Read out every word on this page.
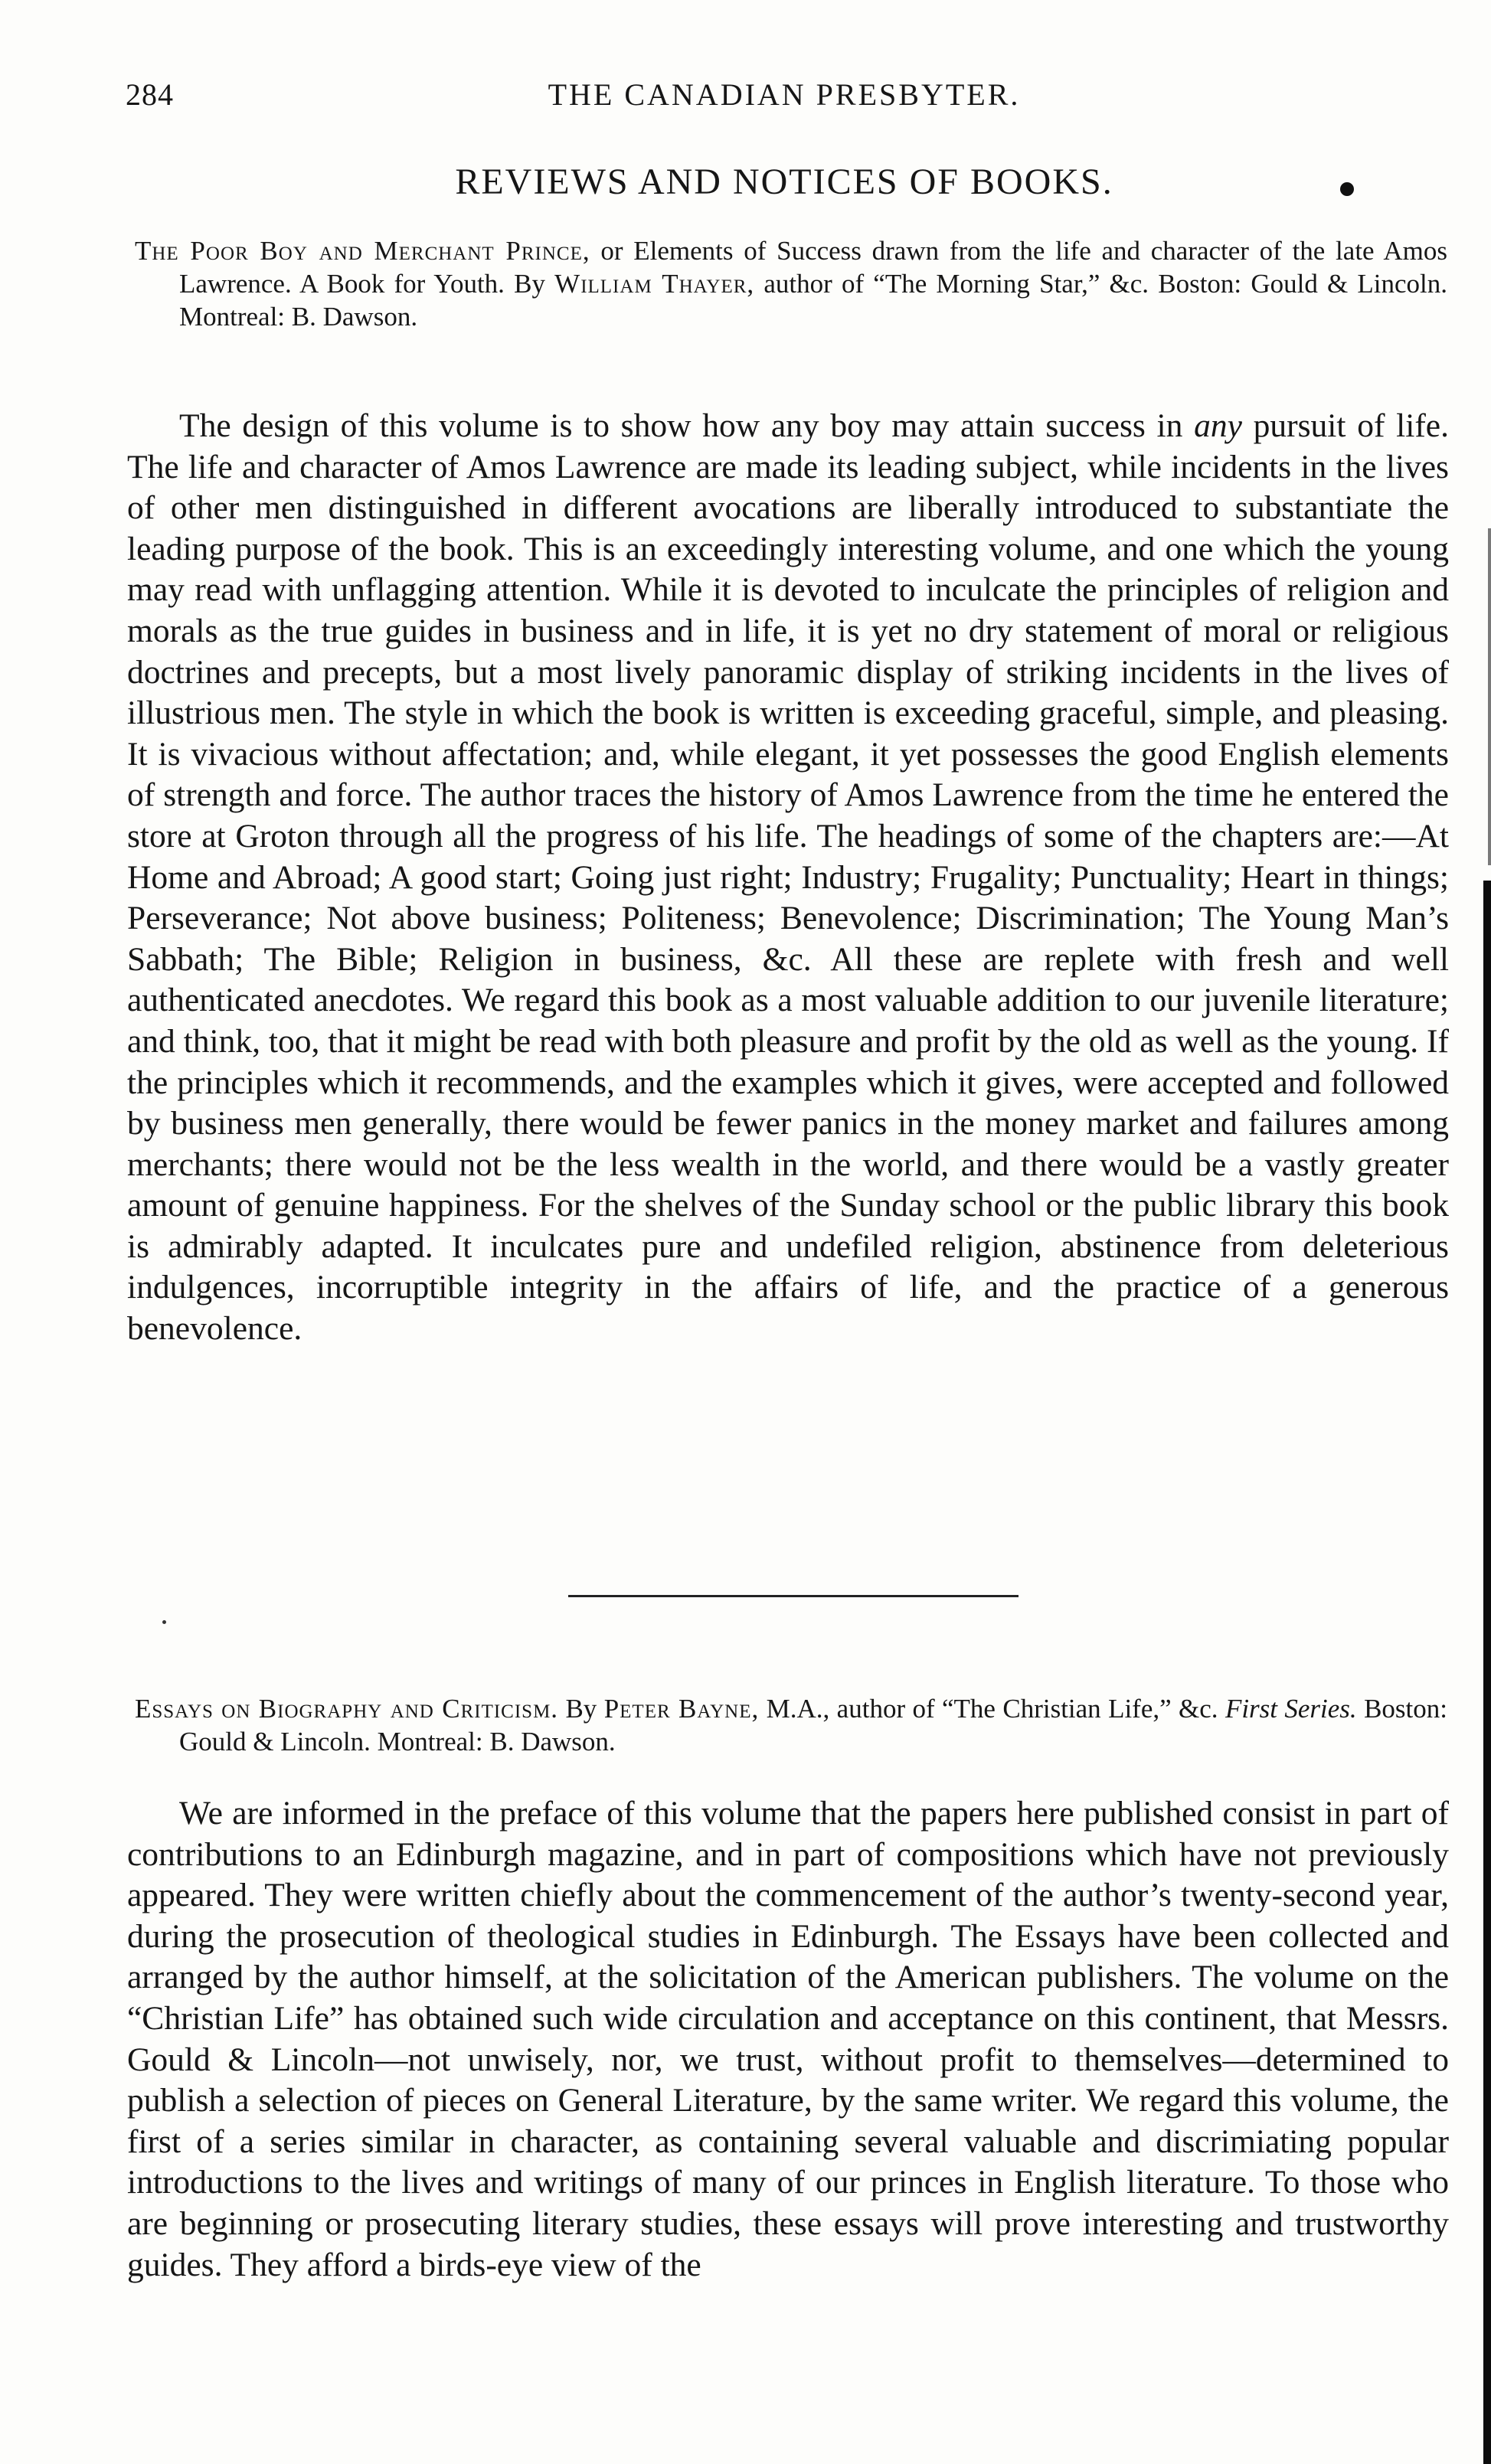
284	THE CANADIAN PRESBYTER.
REVIEWS AND NOTICES OF BOOKS.
The Poor Boy and Merchant Prince, or Elements of Success drawn from the life and character of the late Amos Lawrence. A Book for Youth. By William Thayer, author of “The Morning Star,” &c. Boston: Gould & Lincoln. Montreal: B. Dawson.

The design of this volume is to show how any boy may attain success in any pursuit of life. The life and character of Amos Lawrence are made its leading subject, while incidents in the lives of other men distinguished in different avocations are liberally introduced to substantiate the leading purpose of the book. This is an exceedingly interesting volume, and one which the young may read with unflagging attention. While it is devoted to inculcate the principles of religion and morals as the true guides in business and in life, it is yet no dry statement of moral or religious doctrines and precepts, but a most lively panoramic display of striking incidents in the lives of illustrious men. The style in which the book is written is exceeding graceful, simple, and pleasing. It is vivacious without affectation; and, while elegant, it yet possesses the good English elements of strength and force. The author traces the history of Amos Lawrence from the time he entered the store at Groton through all the progress of his life. The headings of some of the chapters are:—At Home and Abroad; A good start; Going just right; Industry; Frugality; Punctuality; Heart in things; Perseverance; Not above business; Politeness; Benevolence; Discrimination; The Young Man’s Sabbath; The Bible; Religion in business, &c. All these are replete with fresh and well authenticated anecdotes. We regard this book as a most valuable addition to our juvenile literature; and think, too, that it might be read with both pleasure and profit by the old as well as the young. If the principles which it recommends, and the examples which it gives, were accepted and followed by business men generally, there would be fewer panics in the money market and failures among merchants; there would not be the less wealth in the world, and there would be a vastly greater amount of genuine happiness. For the shelves of the Sunday school or the public library this book is admirably adapted. It inculcates pure and undefiled religion, abstinence from deleterious indulgences, incorruptible integrity in the affairs of life, and the practice of a generous benevolence.

Essays on Biography and Criticism. By Peter Bayne, M.A., author of “The Christian Life,” &c. First Series. Boston: Gould & Lincoln. Montreal: B. Dawson.

We are informed in the preface of this volume that the papers here published consist in part of contributions to an Edinburgh magazine, and in part of compositions which have not previously appeared. They were written chiefly about the commencement of the author’s twenty-second year, during the prosecution of theological studies in Edinburgh. The Essays have been collected and arranged by the author himself, at the solicitation of the American publishers. The volume on the “Christian Life” has obtained such wide circulation and acceptance on this continent, that Messrs. Gould & Lincoln—not unwisely, nor, we trust, without profit to themselves—determined to publish a selection of pieces on General Literature, by the same writer. We regard this volume, the first of a series similar in character, as containing several valuable and discrimiating popular introductions to the lives and writings of many of our princes in English literature. To those who are beginning or prosecuting literary studies, these essays will prove interesting and trustworthy guides. They afford a birds-eye view of the
